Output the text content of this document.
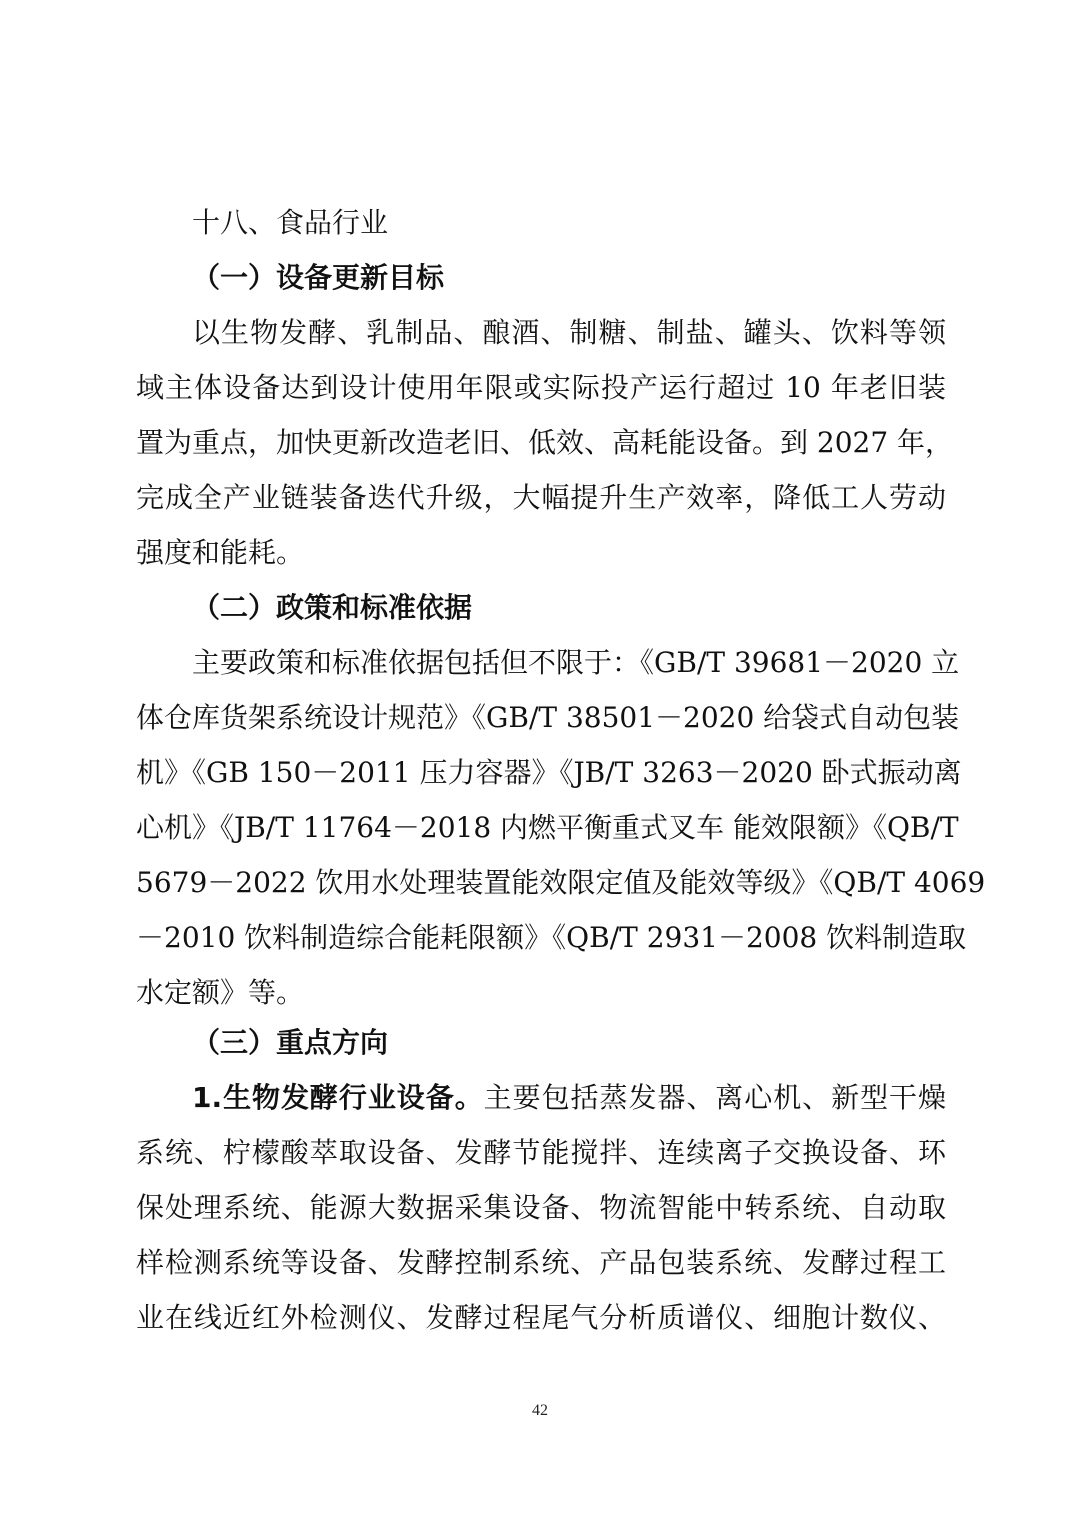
十八、食品行业

（一）设备更新目标

以生物发酵、乳制品、酿酒、制糖、制盐、罐头、饮料等领

域主体设备达到设计使用年限或实际投产运行超过 10 年老旧装

置为重点，加快更新改造老旧、低效、高耗能设备。到 2027 年，

完成全产业链装备迭代升级，大幅提升生产效率，降低工人劳动

强度和能耗。

（二）政策和标准依据

主要政策和标准依据包括但不限于：《GB/T 39681－2020 立

体仓库货架系统设计规范》《GB/T 38501－2020 给袋式自动包装

机》《GB 150－2011 压力容器》《JB/T 3263－2020 卧式振动离

心机》《JB/T 11764－2018 内燃平衡重式叉车 能效限额》《QB/T

5679－2022 饮用水处理装置能效限定值及能效等级》《QB/T 4069

－2010 饮料制造综合能耗限额》《QB/T 2931－2008 饮料制造取

水定额》等。

（三）重点方向

1.生物发酵行业设备。主要包括蒸发器、离心机、新型干燥

系统、柠檬酸萃取设备、发酵节能搅拌、连续离子交换设备、环

保处理系统、能源大数据采集设备、物流智能中转系统、自动取

样检测系统等设备、发酵控制系统、产品包装系统、发酵过程工

业在线近红外检测仪、发酵过程尾气分析质谱仪、细胞计数仪、

42
